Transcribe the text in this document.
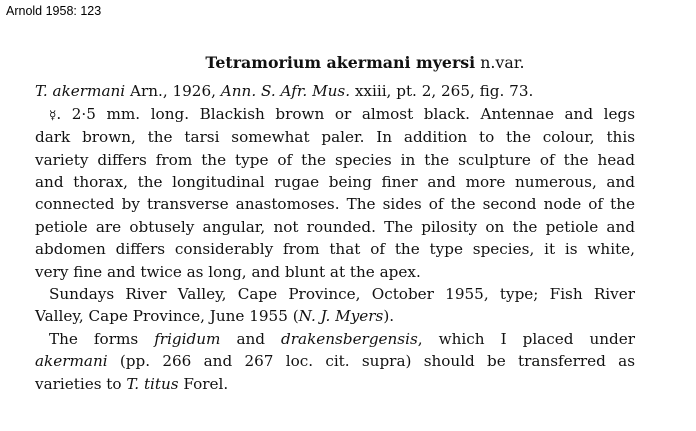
Arnold 1958: 123
Tetramorium akermani myersi n.var.
T. akermani Arn., 1926, Ann. S. Afr. Mus. xxiii, pt. 2, 265, fig. 73.
☿. 2·5 mm. long. Blackish brown or almost black. Antennae and legs
dark brown, the tarsi somewhat paler. In addition to the colour, this
variety differs from the type of the species in the sculpture of the head
and thorax, the longitudinal rugae being finer and more numerous, and
connected by transverse anastomoses. The sides of the second node of the
petiole are obtusely angular, not rounded. The pilosity on the petiole and
abdomen differs considerably from that of the type species, it is white,
very fine and twice as long, and blunt at the apex.
Sundays River Valley, Cape Province, October 1955, type; Fish River
Valley, Cape Province, June 1955 (N. J. Myers).
The forms frigidum and drakensbergensis, which I placed under
akermani (pp. 266 and 267 loc. cit. supra) should be transferred as
varieties to T. titus Forel.
